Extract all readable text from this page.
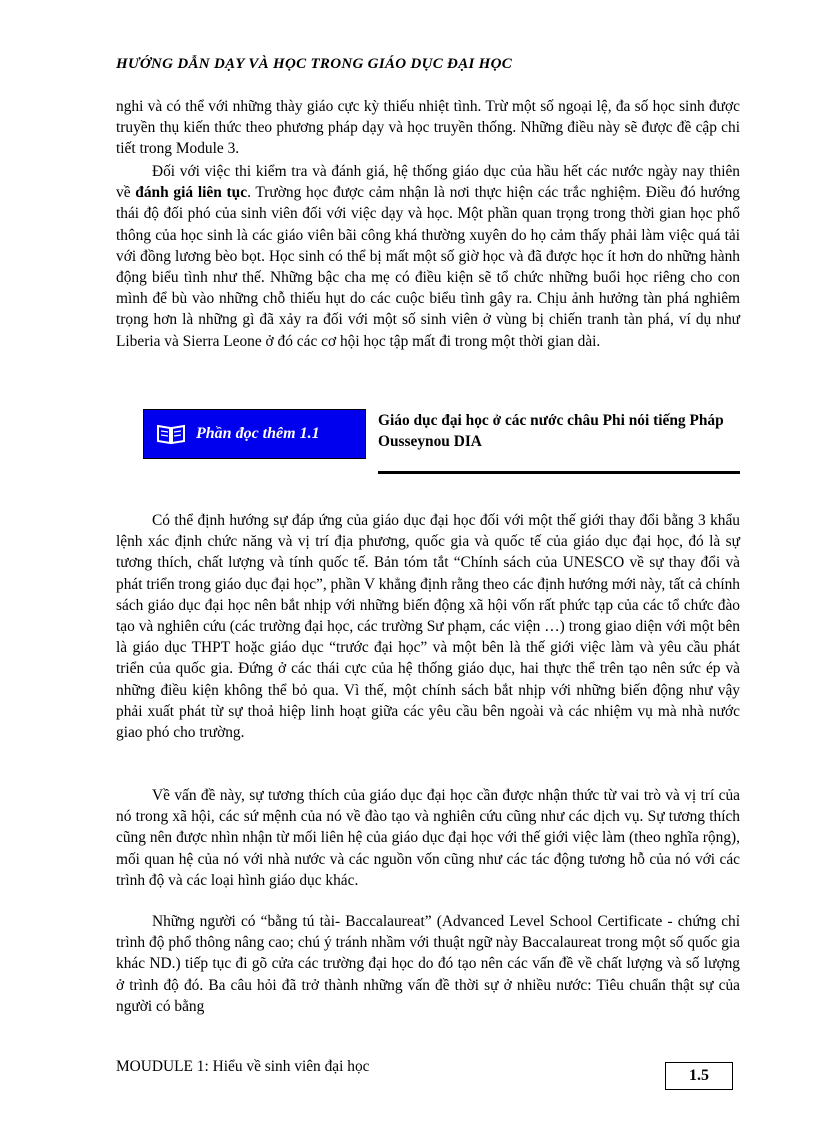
HƯỚNG DẪN DẠY VÀ HỌC TRONG GIÁO DỤC ĐẠI HỌC

nghi và có thể với những thày giáo cực kỳ thiếu nhiệt tình. Trừ một số ngoại lệ, đa số học sinh được truyền thụ kiến thức theo phương pháp dạy và học truyền thống. Những điều này sẽ được đề cập chi tiết trong Module 3.

Đối với việc thi kiểm tra và đánh giá, hệ thống giáo dục của hầu hết các nước ngày nay thiên về đánh giá liên tục. Trường học được cảm nhận là nơi thực hiện các trắc nghiệm. Điều đó hướng thái độ đối phó của sinh viên đối với việc dạy và học. Một phần quan trọng trong thời gian học phổ thông của học sinh là các giáo viên bãi công khá thường xuyên do họ cảm thấy phải làm việc quá tải với đồng lương bèo bọt. Học sinh có thể bị mất một số giờ học và đã được học ít hơn do những hành động biểu tình như thế. Những bậc cha mẹ có điều kiện sẽ tổ chức những buổi học riêng cho con mình để bù vào những chỗ thiếu hụt do các cuộc biểu tình gây ra. Chịu ảnh hưởng tàn phá nghiêm trọng hơn là những gì đã xảy ra đối với một số sinh viên ở vùng bị chiến tranh tàn phá, ví dụ như Liberia và Sierra Leone ở đó các cơ hội học tập mất đi trong một thời gian dài.

Phần đọc thêm 1.1
Giáo dục đại học ở các nước châu Phi nói tiếng Pháp
Ousseynou DIA

Có thể định hướng sự đáp ứng của giáo dục đại học đối với một thế giới thay đổi bằng 3 khẩu lệnh xác định chức năng và vị trí địa phương, quốc gia và quốc tế của giáo dục đại học, đó là sự tương thích, chất lượng và tính quốc tế. Bản tóm tắt “Chính sách của UNESCO về sự thay đổi và phát triển trong giáo dục đại học”, phần V khẳng định rằng theo các định hướng mới này, tất cả chính sách giáo dục đại học nên bắt nhịp với những biến động xã hội vốn rất phức tạp của các tổ chức đào tạo và nghiên cứu (các trường đại học, các trường Sư phạm, các viện …) trong giao diện với một bên là giáo dục THPT hoặc giáo dục “trước đại học” và một bên là thế giới việc làm và yêu cầu phát triển của quốc gia. Đứng ở các thái cực của hệ thống giáo dục, hai thực thể trên tạo nên sức ép và những điều kiện không thể bỏ qua. Vì thế, một chính sách bắt nhịp với những biến động như vậy phải xuất phát từ sự thoả hiệp linh hoạt giữa các yêu cầu bên ngoài và các nhiệm vụ mà nhà nước giao phó cho trường.

Về vấn đề này, sự tương thích của giáo dục đại học cần được nhận thức từ vai trò và vị trí của nó trong xã hội, các sứ mệnh của nó về đào tạo và nghiên cứu cũng như các dịch vụ. Sự tương thích cũng nên được nhìn nhận từ mối liên hệ của giáo dục đại học với thế giới việc làm (theo nghĩa rộng), mối quan hệ của nó với nhà nước và các nguồn vốn cũng như các tác động tương hỗ của nó với các trình độ và các loại hình giáo dục khác.

Những người có “bằng tú tài- Baccalaureat” (Advanced Level School Certificate - chứng chỉ trình độ phổ thông nâng cao; chú ý tránh nhầm với thuật ngữ này Baccalaureat trong một số quốc gia khác ND.) tiếp tục đi gõ cửa các trường đại học do đó tạo nên các vấn đề về chất lượng và số lượng ở trình độ đó. Ba câu hỏi đã trở thành những vấn đề thời sự ở nhiều nước: Tiêu chuẩn thật sự của người có bằng

MOUDULE 1: Hiểu về sinh viên đại học
1.5
